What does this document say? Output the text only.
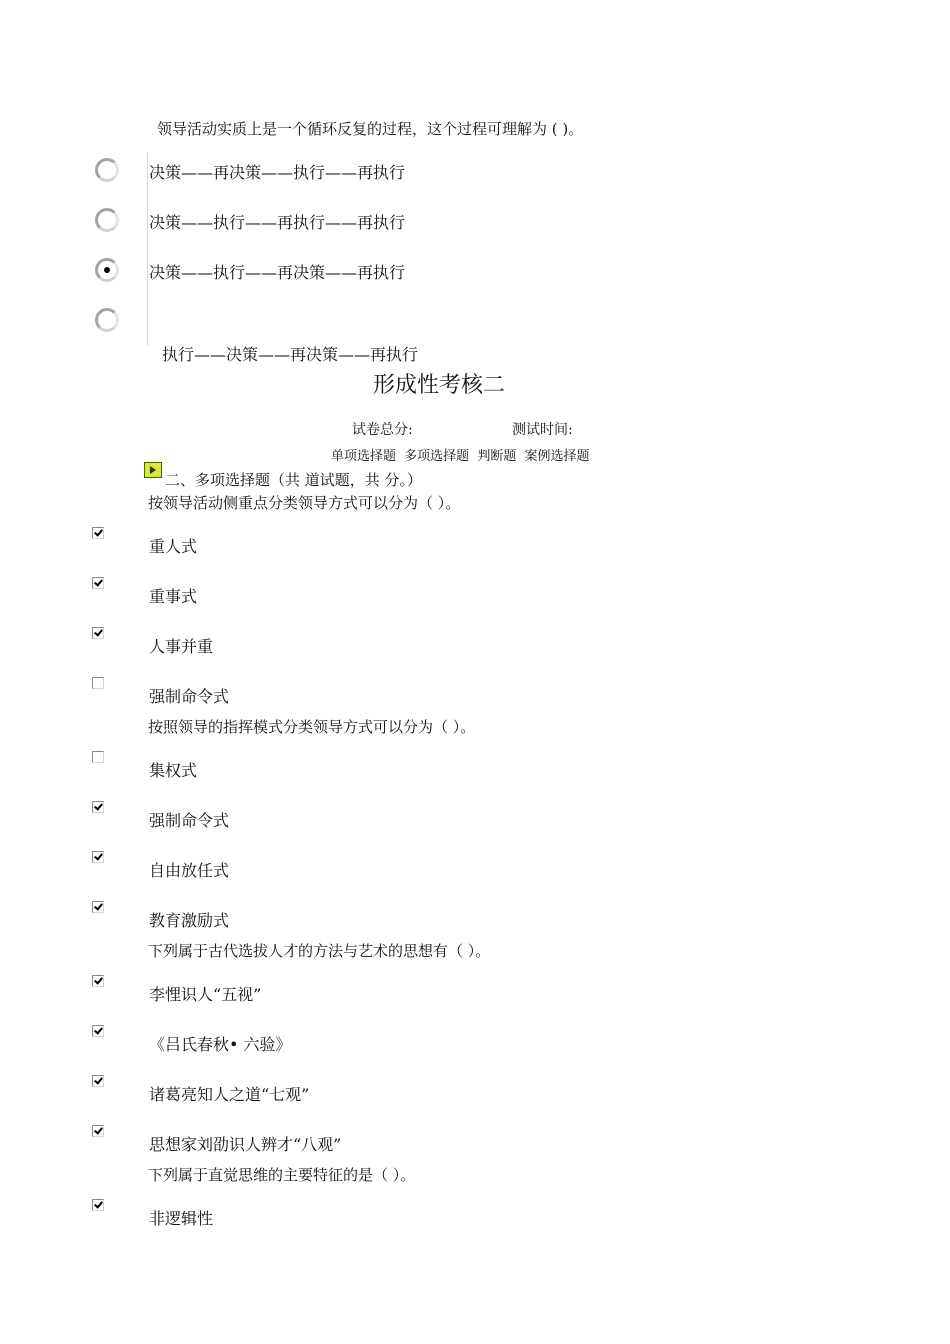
领导活动实质上是一个循环反复的过程，这个过程可理解为 ( )。
决策——再决策——执行——再执行
决策——执行——再执行——再执行
决策——执行——再决策——再执行
执行——决策——再决策——再执行
形成性考核二
试卷总分:	测试时间:
单项选择题 多项选择题 判断题 案例选择题
二、多项选择题（共 道试题，共 分。）
按领导活动侧重点分类领导方式可以分为（ ）。
重人式
重事式
人事并重
强制命令式
按照领导的指挥模式分类领导方式可以分为（ ）。
集权式
强制命令式
自由放任式
教育激励式
下列属于古代选拔人才的方法与艺术的思想有（ ）。
李悝识人“五视”
《吕氏春秋• 六验》
诸葛亮知人之道“七观”
思想家刘劭识人辨才“八观”
下列属于直觉思维的主要特征的是（ ）。
非逻辑性
